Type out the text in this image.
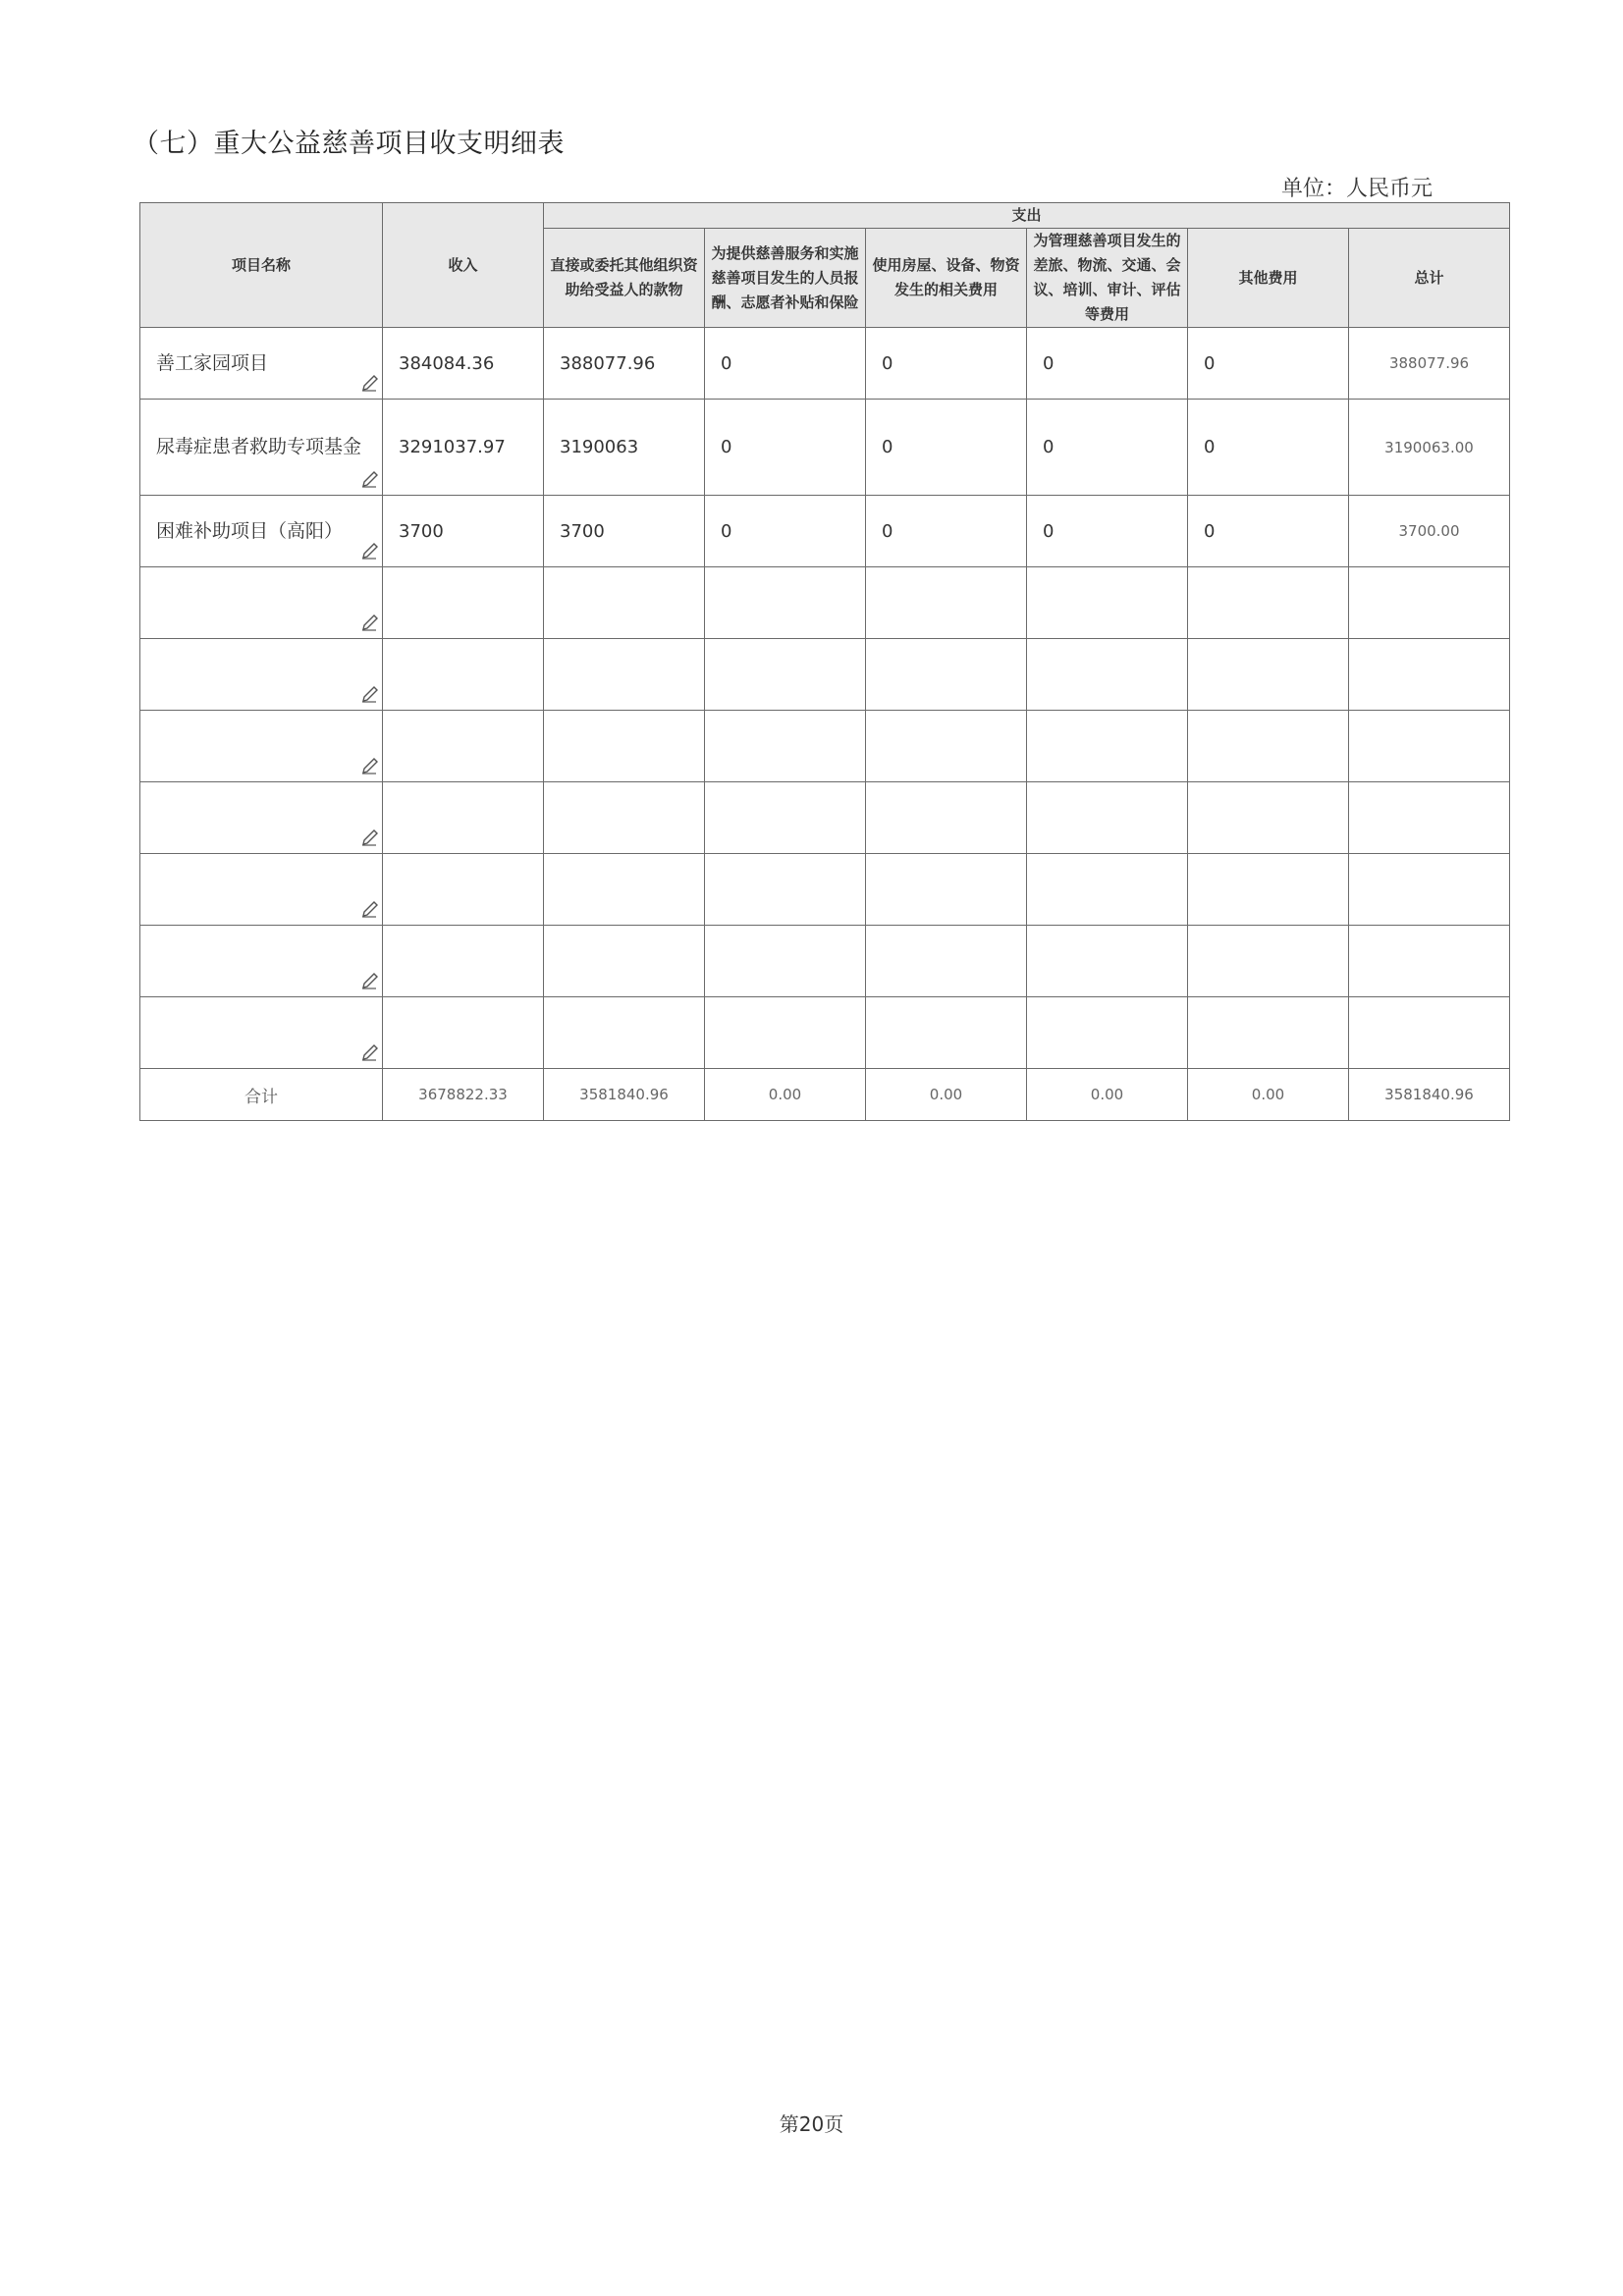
（七）重大公益慈善项目收支明细表
单位：人民币元
项目名称	收入	支出					
		直接或委托其他组织资助给受益人的款物	为提供慈善服务和实施慈善项目发生的人员报酬、志愿者补贴和保险	使用房屋、设备、物资发生的相关费用	为管理慈善项目发生的差旅、物流、交通、会议、培训、审计、评估等费用	其他费用	总计
善工家园项目	384084.36	388077.96	0	0	0	0	388077.96
尿毒症患者救助专项基金	3291037.97	3190063	0	0	0	0	3190063.00
困难补助项目（高阳）	3700	3700	0	0	0	0	3700.00

合计	3678822.33	3581840.96	0.00	0.00	0.00	0.00	3581840.96
第20页
